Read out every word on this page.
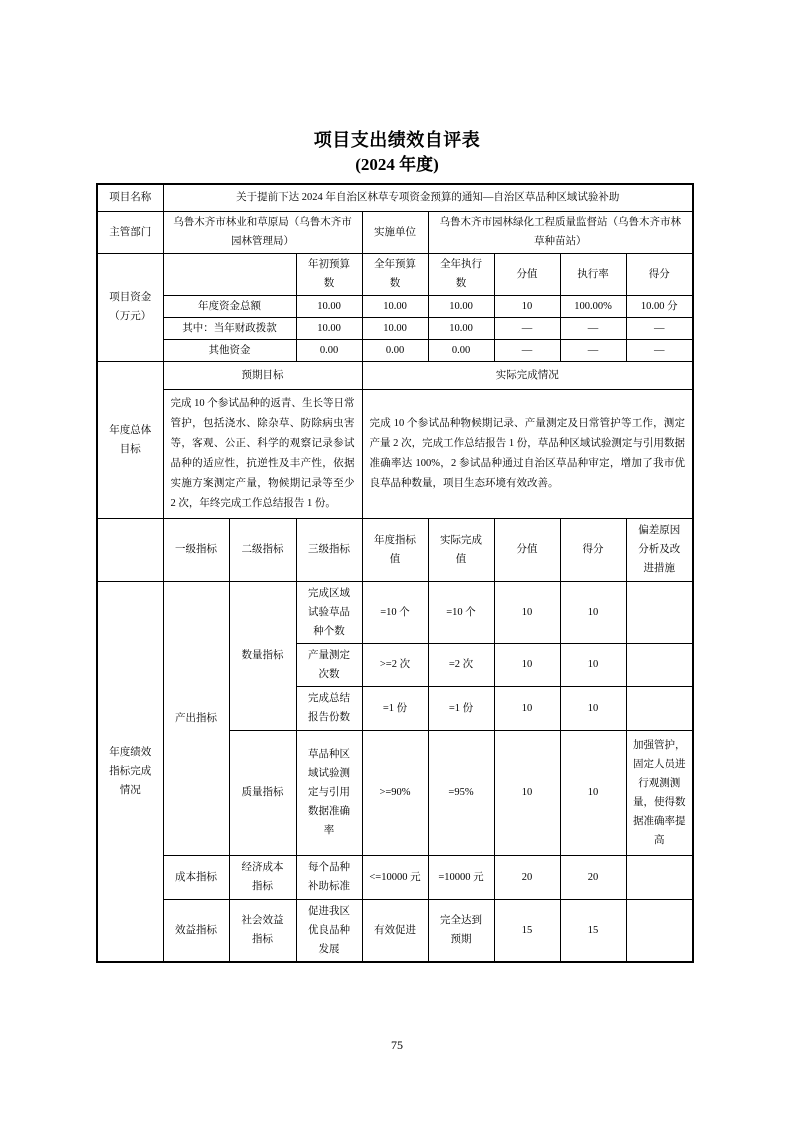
项目支出绩效自评表
(2024 年度)
项目名称	关于提前下达 2024 年自治区林草专项资金预算的通知—自治区草品种区域试验补助							
主管部门	乌鲁木齐市林业和草原局（乌鲁木齐市园林管理局）			实施单位	乌鲁木齐市园林绿化工程质量监督站（乌鲁木齐市林草种苗站）			
项目资金（万元）			年初预算数	全年预算数	全年执行数	分值	执行率	得分
	年度资金总额		10.00	10.00	10.00	10	100.00%	10.00 分
	其中：当年财政拨款		10.00	10.00	10.00	—	—	—
	其他资金		0.00	0.00	0.00	—	—	—
年度总体目标	预期目标			实际完成情况				
	完成 10 个参试品种的返青、生长等日常管护，包括浇水、除杂草、防除病虫害等，客观、公正、科学的观察记录参试品种的适应性，抗逆性及丰产性，依据实施方案测定产量，物候期记录等至少 2 次，年终完成工作总结报告 1 份。			完成 10 个参试品种物候期记录、产量测定及日常管护等工作，测定产量 2 次，完成工作总结报告 1 份，草品种区域试验测定与引用数据准确率达 100%，2 参试品种通过自治区草品种审定，增加了我市优良草品种数量，项目生态环境有效改善。				
	一级指标	二级指标	三级指标	年度指标值	实际完成值	分值	得分	偏差原因分析及改进措施
年度绩效指标完成情况	产出指标	数量指标	完成区域试验草品种个数	=10 个	=10 个	10	10	
			产量测定次数	>=2 次	=2 次	10	10	
			完成总结报告份数	=1 份	=1 份	10	10	
		质量指标	草品种区域试验测定与引用数据准确率	>=90%	=95%	10	10	加强管护，固定人员进行观测测量，使得数据准确率提高
	成本指标	经济成本指标	每个品种补助标准	<=10000 元	=10000 元	20	20	
	效益指标	社会效益指标	促进我区优良品种发展	有效促进	完全达到预期	15	15	
75
